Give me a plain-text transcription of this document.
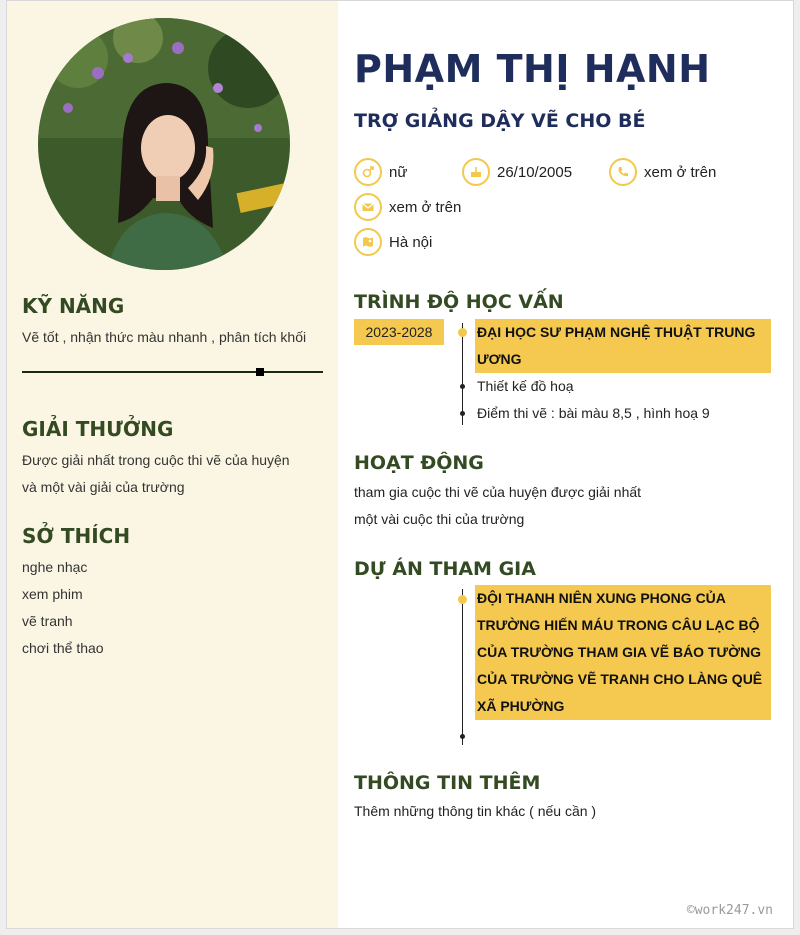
KỸ NĂNG

Vẽ tốt , nhận thức màu nhanh , phân tích khối

GIẢI THƯỞNG
Được giải nhất trong cuộc thi vẽ của huyện
và một vài giải của trường
SỞ THÍCH
nghe nhạc
xem phim
vẽ tranh
chơi thể thao
PHẠM THỊ HẠNH
TRỢ GIẢNG DẬY VẼ CHO BÉ
nữ	26/10/2005	xem ở trên
xem ở trên
Hà nội
TRÌNH ĐỘ HỌC VẤN
2023-2028	ĐẠI HỌC SƯ PHẠM NGHỆ THUẬT TRUNG
ƯƠNG
Thiết kế đồ hoạ
Điểm thi vẽ : bài màu 8,5 , hình hoạ 9
HOẠT ĐỘNG
tham gia cuộc thi vẽ của huyện được giải nhất
một vài cuộc thi của trường
DỰ ÁN THAM GIA
ĐỘI THANH NIÊN XUNG PHONG CỦA
TRƯỜNG HIẾN MÁU TRONG CÂU LẠC BỘ
CỦA TRƯỜNG THAM GIA VẼ BÁO TƯỜNG
CỦA TRƯỜNG VẼ TRANH CHO LÀNG QUÊ
XÃ PHƯỜNG
THÔNG TIN THÊM
Thêm những thông tin khác ( nếu cần )
©work247.vn
